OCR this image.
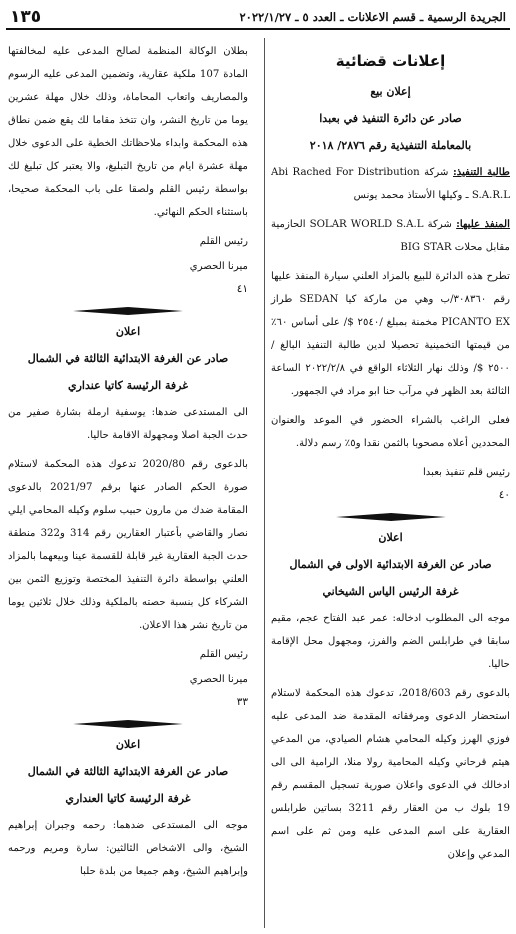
الجريدة الرسمية ـ قسم الاعلانات ـ العدد ٥ ـ ٢٠٢٢/١/٢٧
١٣٥
إعلانات قضائية
إعلان بيع
صادر عن دائرة التنفيذ في بعبدا
بالمعاملة التنفيذية رقم ٢٨٧٦/ ٢٠١٨

طالبة التنفيذ: شركة Abi Rached For Distribution S.A.R.L ـ وكيلها الأستاذ محمد يونس

المنفذ عليها: شركة SOLAR WORLD S.A.L الحازمية مقابل محلات BIG STAR

تطرح هذه الدائرة للبيع بالمزاد العلني سيارة المنفذ عليها رقم ٣٠٨٣٦٠/ب وهي من ماركة كيا SEDAN طراز PICANTO EX مخمنة بمبلغ /٢٥٤٠ $/ على أساس ٦٠٪ من قيمتها التخمينية تحصيلا لدين طالبة التنفيذ البالغ /٢٥٠٠ $/ وذلك نهار الثلاثاء الواقع في ٢٠٢٢/٢/٨ الساعة الثالثة بعد الظهر في مرآب حنا ابو مراد في الجمهور.

فعلى الراغب بالشراء الحضور في الموعد والعنوان المحددين أعلاه مصحوبا بالثمن نقدا و٥٪ رسم دلالة.

رئيس قلم تنفيذ بعبدا
٤٠
اعلان
صادر عن الغرفة الابتدائية الاولى في الشمال
غرفة الرئيس الياس الشيخاني

موجه الى المطلوب ادخاله: عمر عبد الفتاح عجم، مقيم سابقا في طرابلس الضم والفرز، ومجهول محل الإقامة حاليا.

بالدعوى رقم 2018/603، تدعوك هذه المحكمة لاستلام استحضار الدعوى ومرفقاته المقدمة ضد المدعى عليه فوزي الهرز وكيله المحامي هشام الصيادي، من المدعي هيثم قرحاني وكيله المحامية رولا منلا، الرامية الى الى ادخالك في الدعوى واعلان صورية تسجيل المقسم رقم 19 بلوك ب من العقار رقم 3211 بساتين طرابلس العقارية على اسم المدعى عليه ومن ثم على اسم المدعي وإعلان

بطلان الوكالة المنظمة لصالح المدعى عليه لمخالفتها المادة 107 ملكية عقارية، وتضمين المدعى عليه الرسوم والمصاريف واتعاب المحاماة، وذلك خلال مهلة عشرين يوما من تاريخ النشر، وان تتخذ مقاما لك يقع ضمن نطاق هذه المحكمة وابداء ملاحظاتك الخطية على الدعوى خلال مهلة عشرة ايام من تاريخ التبليغ، والا يعتبر كل تبليغ لك بواسطة رئيس القلم ولصقا على باب المحكمة صحيحا، باستثناء الحكم النهائي.

رئيس القلم
ميرنا الحصري
٤١
اعلان
صادر عن الغرفة الابتدائية الثالثة في الشمال
غرفة الرئيسة كاتيا عنداري

الى المستدعى ضدها: يوسفية ارملة بشارة صفير من حدث الجبة اصلا ومجهولة الاقامة حاليا.

بالدعوى رقم 2020/80 تدعوك هذه المحكمة لاستلام صورة الحكم الصادر عنها برقم 2021/97 بالدعوى المقامة ضدك من مارون حبيب سلوم وكيله المحامي ايلي نصار والقاضي بأعتبار العقارين رقم 314 و322 منطقة حدث الجبة العقارية غير قابلة للقسمة عينا وبيعهما بالمزاد العلني بواسطة دائرة التنفيذ المختصة وتوزيع الثمن بين الشركاء كل بنسبة حصته بالملكية وذلك خلال ثلاثين يوما من تاريخ نشر هذا الاعلان.

رئيس القلم
ميرنا الحصري
٣٣
اعلان
صادر عن الغرفة الابتدائية الثالثة في الشمال
غرفة الرئيسة كاتيا العنداري

موجه الى المستدعى ضدهما: رحمه وجبران إبراهيم الشيخ، والى الاشخاص الثالثين: سارة ومريم ورحمه وإبراهيم الشيخ، وهم جميعا من بلدة حلبا
